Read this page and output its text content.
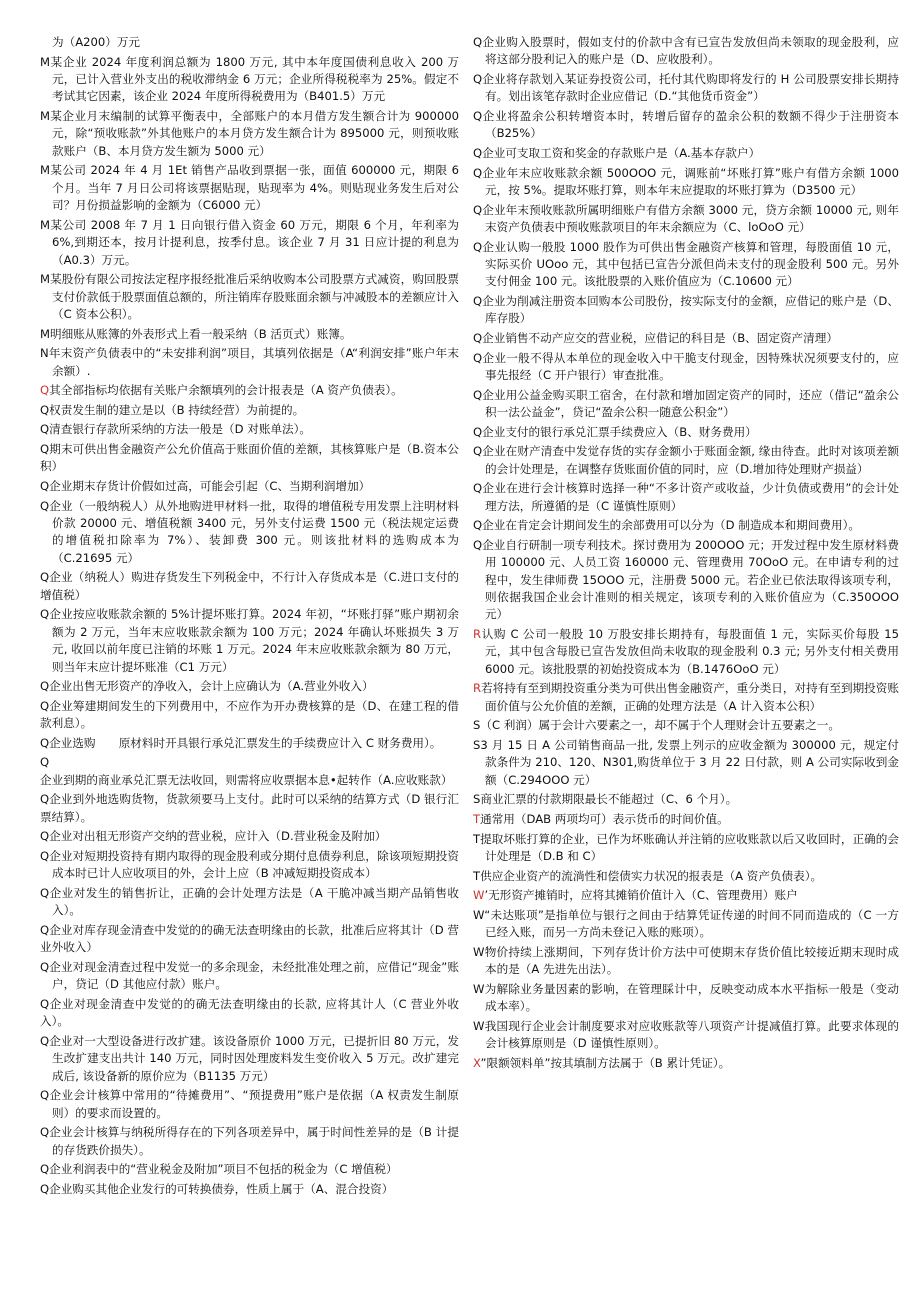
为（A200）万元
M某企业 2024 年度利润总额为 1800 万元, 其中本年度国债利息收入 200 万元，已计入营业外支出的税收滞纳金 6 万元；企业所得税税率为 25%。假定不考试其它因素，该企业 2024 年度所得税费用为（B401.5）万元
M某企业月末编制的试算平衡表中，全部账户的本月借方发生额合计为 900000 元，除“预收账款”外其他账户的本月贷方发生额合计为 895000 元，则预收账款账户（B、本月贷方发生额为 5000 元）
M某公司 2024 年 4 月 1Et 销售产品收到票据一张，面值 600000 元，期限 6 个月。当年 7 月日公司将该票据贴现，贴现率为 4%。则贴现业务发生后对公司？月份损益影响的金额为（C6000 元）
M某公司 2008 年 7 月 1 日向银行借入资金 60 万元，期限 6 个月，年利率为 6%,到期还本，按月计提利息，按季付息。该企业 7 月 31 日应计提的利息为（A0.3）万元。
M某股份有限公司按法定程序报经批准后采纳收购本公司股票方式减资，购回股票支付价款低于股票面值总额的，所注销库存股账面余额与冲减股本的差额应计入（C 资本公积）。
M明细账从账簿的外表形式上看一般采纳（B 活页式）账簿。
N年末资产负债表中的“未安排利润”项目，其填列依据是（A“利润安排”账户年末余额）.
Q其全部指标均依据有关账户余额填列的会计报表是（A 资产负债表）。
Q权责发生制的建立是以（B 持续经营）为前提的。
Q清查银行存款所采纳的方法一般是（D 对账单法）。
Q期末可供出售金融资产公允价值高于账面价值的差额，其核算账户是（B.资本公积）
Q企业期末存货计价假如过高，可能会引起（C、当期利润增加）
Q企业（一般纳税人）从外地购进甲材料一批，取得的增值税专用发票上注明材料价款 20000 元、增值税额 3400 元，另外支付运费 1500 元（税法规定运费的增值税扣除率为 7%）、装卸费 300 元。则该批材料的选购成本为（C.21695 元）
Q企业（纳税人）购进存货发生下列税金中，不行计入存货成本是（C.进口支付的增值税）
Q企业按应收账款余额的 5%计提坏账打算。2024 年初，“坏账打驿”账户期初余额为 2 万元，当年末应收账款余额为 100 万元；2024 年确认坏账损失 3 万元, 收回以前年度已注销的坏账 1 万元。2024 年末应收账款余额为 80 万元，则当年末应计提坏账准（C1 万元）
Q企业出售无形资产的净收入，会计上应确认为（A.营业外收入）
Q企业筹建期间发生的下列费用中，不应作为开办费核算的是（D、在建工程的借款利息）。
Q企业选购　　原材料时开具银行承兑汇票发生的手续费应计入 C 财务费用）。
Q企业到期的商业承兑汇票无法收回，则需将应收票据本息•起转作（A.应收账款）
Q企业到外地选购货物，货款须要马上支付。此时可以采纳的结算方式（D 银行汇票结算）。
Q企业对出租无形资产交纳的营业税，应计入（D.营业税金及附加）
Q企业对短期投资持有期内取得的现金股利或分期付息债券利息，除该项短期投资成本时已计人应收项目的外，会计上应（B 冲减短期投资成本）
Q企业对发生的销售折让，正确的会计处理方法是（A 干脆冲减当期产品销售收入）。
Q企业对库存现金清查中发觉的的确无法查明缘由的长款，批准后应将其计（D 营业外收入）
Q企业对现金清查过程中发觉一的多余现金，未经批准处理之前，应借记“现金”账户，贷记（D 其他应付款）账户。
Q企业对现金清查中发觉的的确无法查明缘由的长款, 应将其计人（C 营业外收入）。
Q企业对一大型设备进行改扩建。该设备原价 1000 万元，已提折旧 80 万元，发生改扩建支出共计 140 万元，同时因处理废料发生变价收入 5 万元。改扩建完成后, 该设备新的原价应为（B1135 万元）
Q企业会计核算中常用的“待摊费用”、“预提费用”账户是依据（A 权责发生制原则）的要求而设置的。
Q企业会计核算与纳税所得存在的下列各项差异中，属于时间性差异的是（B 计提的存货跌价损失）。
Q企业利润表中的“营业税金及附加”项目不包括的税金为（C 增值税）
Q企业购买其他企业发行的可转换债券，性质上属于（A、混合投资）
Q企业购入股票时，假如支付的价款中含有已宣告发放但尚未领取的现金股利，应将这部分股利记入的账户是（D、应收股利）。
Q企业将存款划入某证券投资公司，托付其代购即将发行的 H 公司股票安排长期持有。划出该笔存款时企业应借记（D.“其他货币资金”）
Q企业将盈余公积转增资本时，转增后留存的盈余公积的数额不得少于注册资本（B25%）
Q企业可支取工资和奖金的存款账户是（A.基本存款户）
Q企业年末应收账款余额 500OOO 元，调账前“坏账打算”账户有借方余额 1000 元，按 5%。提取坏账打算，则本年末应提取的坏账打算为（D3500 元）
Q企业年末预收账款所属明细账户有借方余额 3000 元，贷方余额 10000 元, 则年末资产负债表中预收账款项目的年末余额应为（C、loOoO 元）
Q企业认购一般股 1000 股作为可供出售金融资产核算和管理，每股面值 10 元，实际买价 UOoo 元，其中包括已宣告分派但尚未支付的现金股利 500 元。另外支付佣金 100 元。该批股票的入账价值应为（C.10600 元）
Q企业为削减注册资本回购本公司股份，按实际支付的金额，应借记的账户是（D、库存股）
Q企业销售不动产应交的营业税，应借记的科目是（B、固定资产清理）
Q企业一般不得从本单位的现金收入中干脆支付现金，因特殊状况须要支付的，应事先报经（C 开户银行）审查批准。
Q企业用公益金购买职工宿舍，在付款和增加固定资产的同时，还应（借记“盈余公积一法公益金”，贷记“盈余公积一随意公积金”）
Q企业支付的银行承兑汇票手续费应入（B、财务费用）
Q企业在财产清查中发觉存货的实存金额小于账面金额, 缘由待查。此时对该项差额的会计处理是，在调整存货账面价值的同时，应（D.增加待处理财产损益）
Q企业在进行会计核算时选择一种“不多计资产或收益，少计负债或费用”的会计处理方法，所遵循的是（C 谨慎性原则）
Q企业在肯定会计期间发生的余部费用可以分为（D 制造成本和期间费用）。
Q企业自行研制一项专利技术。探讨费用为 200OOO 元；开发过程中发生原材料费用 100000 元、人员工资 160000 元、管理费用 70OoO 元。在申请专利的过程中，发生律师费 15OOO 元，注册费 5000 元。若企业已依法取得该项专利，则依据我国企业会计准则的相关规定，该项专利的入账价值应为（C.350OOO 元）
R认购 C 公司一般股 10 万股安排长期持有，每股面值 1 元，实际买价每股 15 元，其中包含每股已宣告发放但尚未收取的现金股利 0.3 元; 另外支付相关费用 6000 元。该批股票的初始投资成本为（B.1476OoO 元）
R若将持有至到期投资重分类为可供出售金融资产，重分类日，对持有至到期投资账面价值与公允价值的差额，正确的处理方法是（A 计入资本公积）
S（C 利润）属于会计六要素之一，却不属于个人理财会计五要素之一。
S3 月 15 日 A 公司销售商品一批, 发票上列示的应收金额为 300000 元，规定付款条件为 210、120、N301,购货单位于 3 月 22 日付款，则 A 公司实际收到金额（C.294OOO 元）
S商业汇票的付款期限最长不能超过（C、6 个月）。
T通常用（DAB 两项均可）表示货币的时间价值。
T提取坏账打算的企业，已作为坏账确认并注销的应收账款以后又收回时，正确的会计处理是（D.B 和 C）
T供应企业资产的流淌性和偿债实力状况的报表是（A 资产负债表）。
W’无形资产摊销时，应将其摊销价值计入（C、管理费用）账户
W“未达账项”是指单位与银行之间由于结算凭证传递的时间不同而造成的（C 一方已经入账，而另一方尚未登记入账的账项）。
W物价持续上涨期间，下列存货计价方法中可使期末存货价值比较接近期末现时成本的是（A 先进先出法）。
W为解除业务量因素的影响，在管理睬计中，反映变动成本水平指标一般是（变动成本率）。
W我国现行企业会计制度要求对应收账款等八项资产计提减值打算。此要求体现的会计核算原则是（D 谨慎性原则）。
X”限额领料单”按其填制方法属于（B 累计凭证）。
